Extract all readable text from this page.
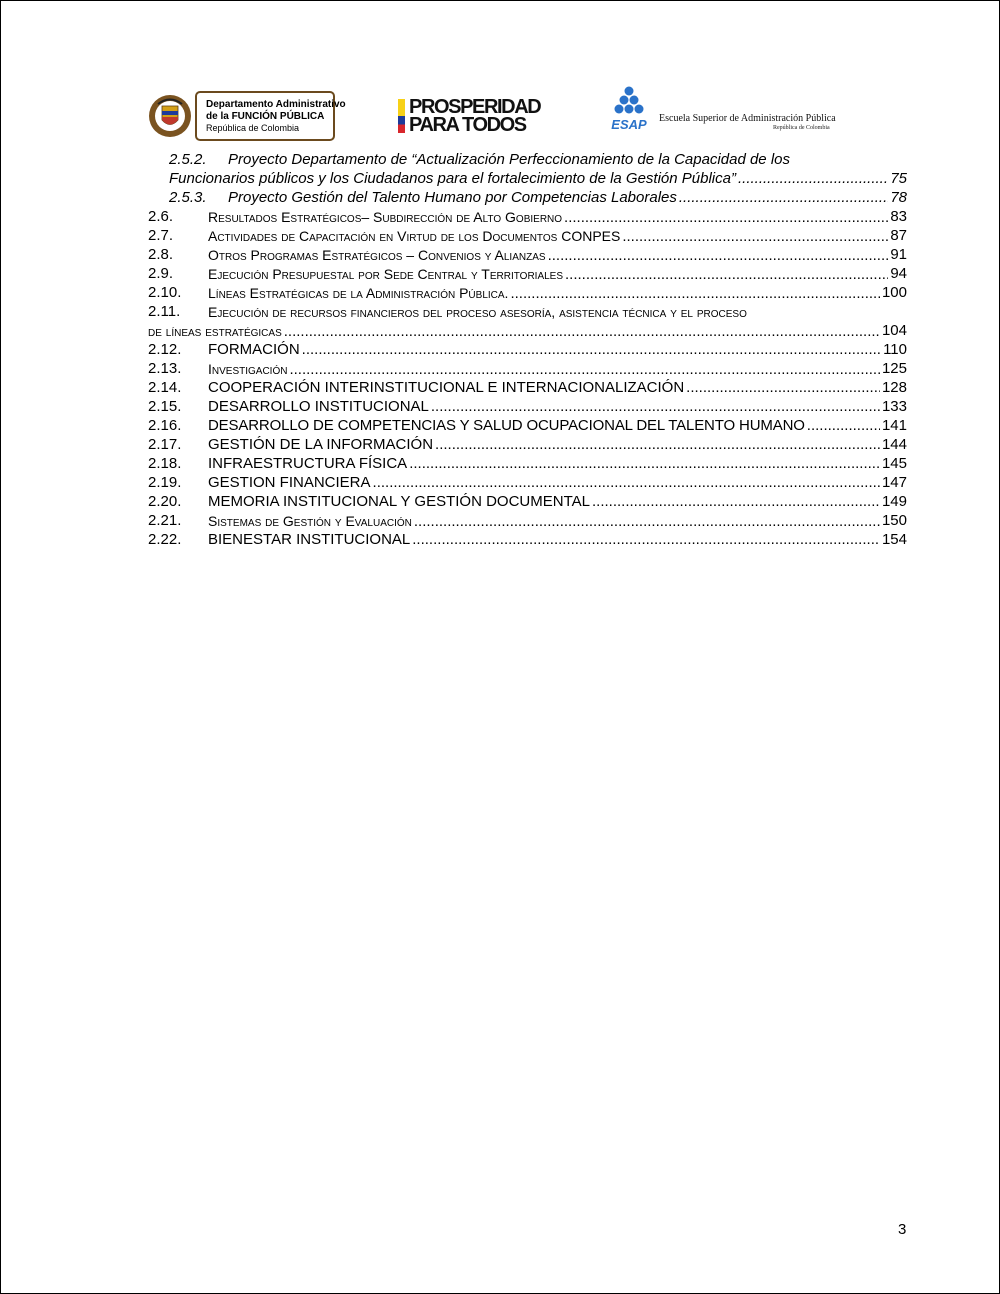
Departamento Administrativo
de la FUNCIÓN PÚBLICA
República de Colombia
PROSPERIDAD
PARA TODOS	ESAP Escuela Superior de Administración Pública
República de Colombia
2.5.2. Proyecto Departamento de “Actualización Perfeccionamiento de la Capacidad de los
Funcionarios públicos y los Ciudadanos para el fortalecimiento de la Gestión Pública” .....	75
2.5.3. Proyecto Gestión del Talento Humano por Competencias Laborales .....	78
2.6. Resultados Estratégicos– Subdirección de Alto Gobierno .....	83
2.7. Actividades de Capacitación en Virtud de los Documentos CONPES .....	87
2.8. Otros Programas Estratégicos – Convenios y Alianzas .....	91
2.9. Ejecución Presupuestal por Sede Central y Territoriales .....	94
2.10. Líneas Estratégicas de la Administración Pública. .....	100
2.11. Ejecución de recursos financieros del proceso asesoría, asistencia técnica y el proceso
de líneas estratégicas .....	104
2.12. FORMACIÓN .....	110
2.13. Investigación .....	125
2.14. COOPERACIÓN INTERINSTITUCIONAL E INTERNACIONALIZACIÓN .....	128
2.15. DESARROLLO INSTITUCIONAL .....	133
2.16. DESARROLLO DE COMPETENCIAS Y SALUD OCUPACIONAL DEL TALENTO HUMANO .....	141
2.17. GESTIÓN DE LA INFORMACIÓN .....	144
2.18. INFRAESTRUCTURA FÍSICA .....	145
2.19. GESTION FINANCIERA .....	147
2.20. MEMORIA INSTITUCIONAL Y GESTIÓN DOCUMENTAL .....	149
2.21. Sistemas de Gestión y Evaluación .....	150
2.22. BIENESTAR INSTITUCIONAL .....	154
3
